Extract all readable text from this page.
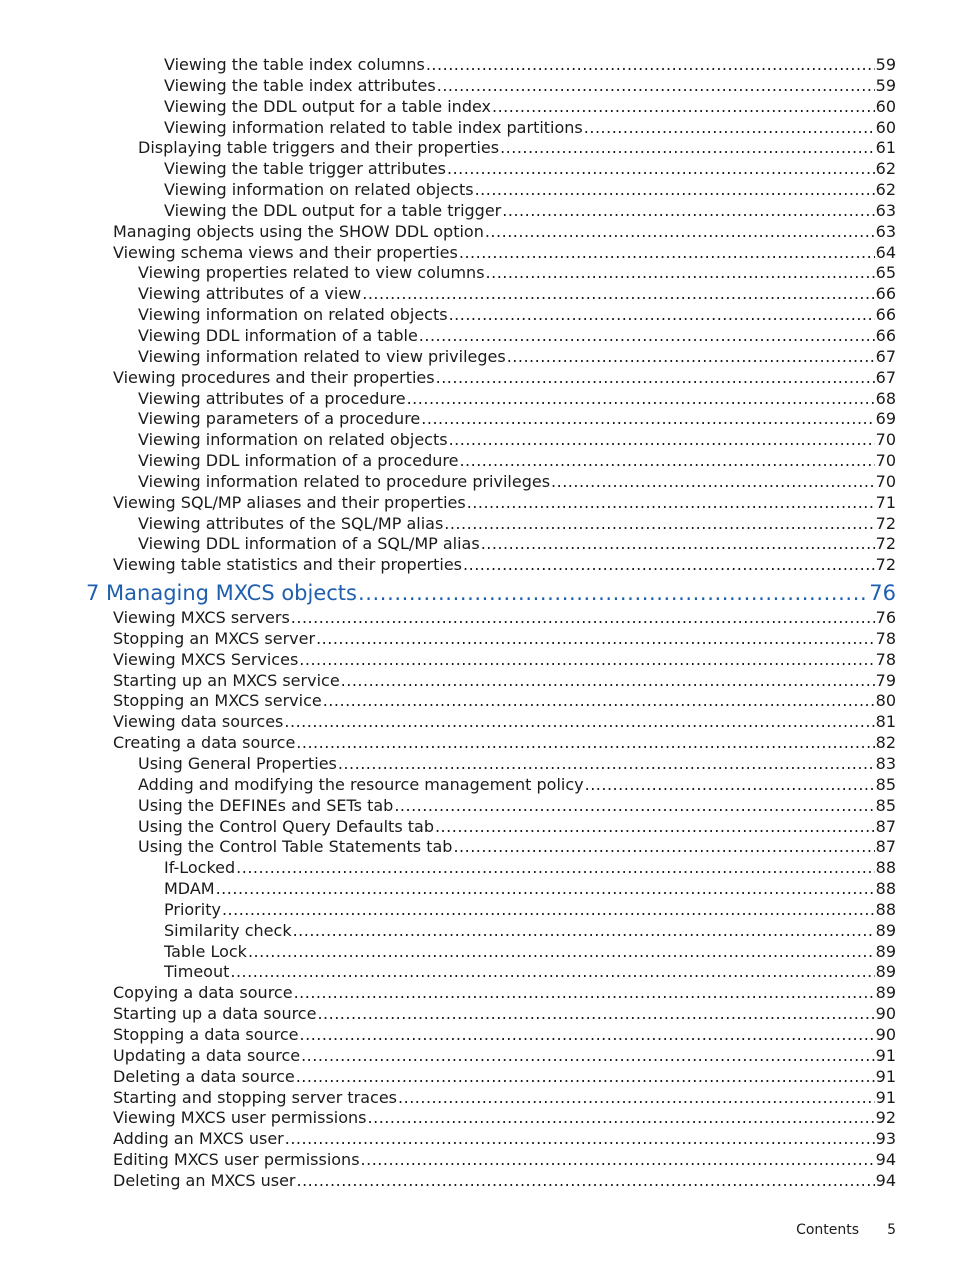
Viewing the table index columns .....	59
Viewing the table index attributes .....	59
Viewing the DDL output for a table index .....	60
Viewing information related to table index partitions .....	60
Displaying table triggers and their properties .....	61
Viewing the table trigger attributes .....	62
Viewing information on related objects .....	62
Viewing the DDL output for a table trigger .....	63
Managing objects using the SHOW DDL option .....	63
Viewing schema views and their properties .....	64
Viewing properties related to view columns .....	65
Viewing attributes of a view .....	66
Viewing information on related objects .....	66
Viewing DDL information of a table .....	66
Viewing information related to view privileges .....	67
Viewing procedures and their properties .....	67
Viewing attributes of a procedure .....	68
Viewing parameters of a procedure .....	69
Viewing information on related objects .....	70
Viewing DDL information of a procedure .....	70
Viewing information related to procedure privileges .....	70
Viewing SQL/MP aliases and their properties .....	71
Viewing attributes of the SQL/MP alias .....	72
Viewing DDL information of a SQL/MP alias .....	72
Viewing table statistics and their properties .....	72
7 Managing MXCS objects .....	76
Viewing MXCS servers .....	76
Stopping an MXCS server .....	78
Viewing MXCS Services .....	78
Starting up an MXCS service .....	79
Stopping an MXCS service .....	80
Viewing data sources .....	81
Creating a data source .....	82
Using General Properties .....	83
Adding and modifying the resource management policy .....	85
Using the DEFINEs and SETs tab .....	85
Using the Control Query Defaults tab .....	87
Using the Control Table Statements tab .....	87
If-Locked .....	88
MDAM .....	88
Priority .....	88
Similarity check .....	89
Table Lock .....	89
Timeout .....	89
Copying a data source .....	89
Starting up a data source .....	90
Stopping a data source .....	90
Updating a data source .....	91
Deleting a data source .....	91
Starting and stopping server traces .....	91
Viewing MXCS user permissions .....	92
Adding an MXCS user .....	93
Editing MXCS user permissions .....	94
Deleting an MXCS user .....	94
Contents 5
